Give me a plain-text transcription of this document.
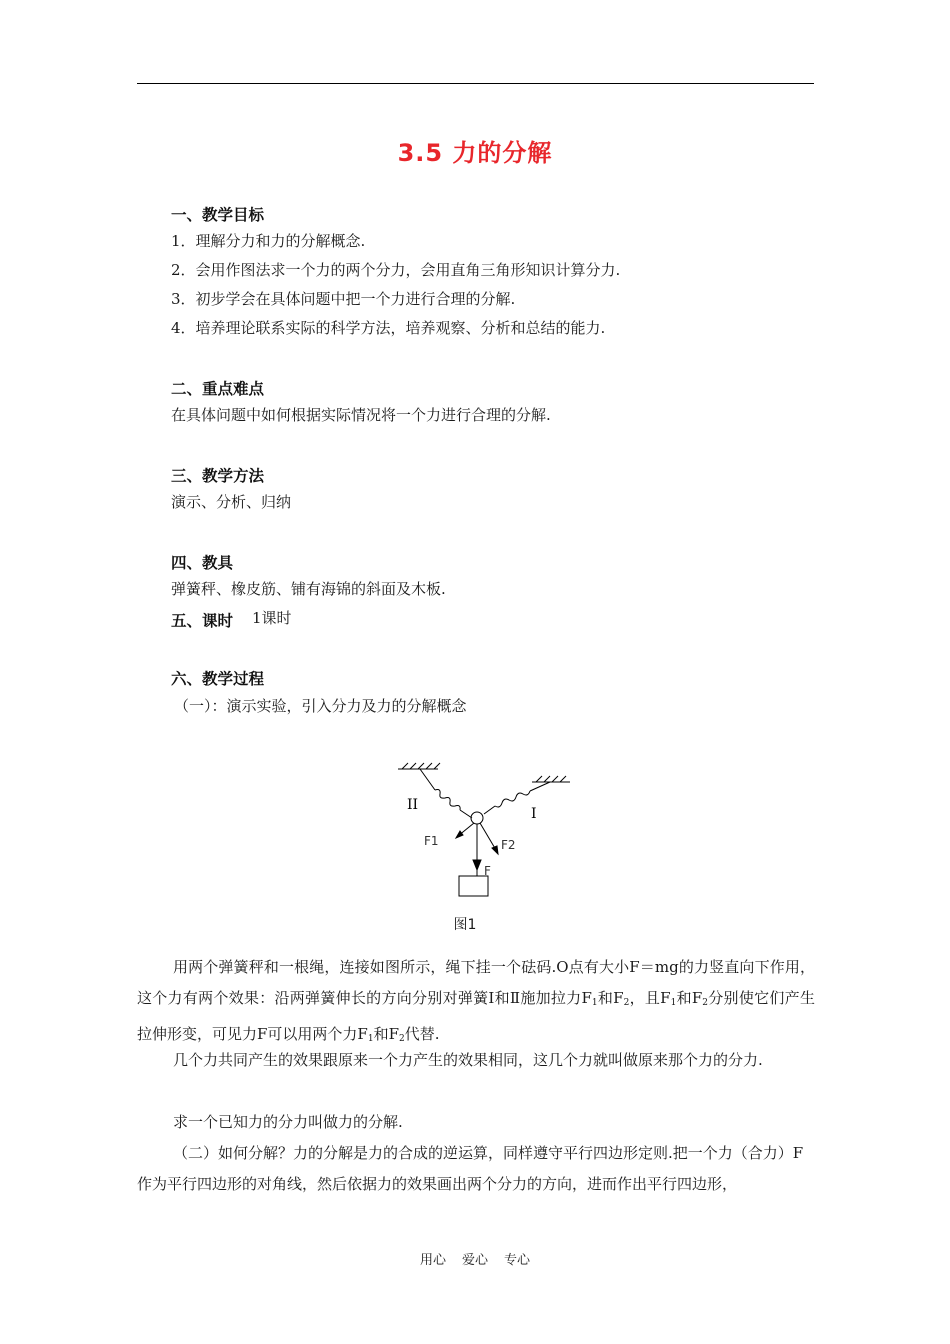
3.5 力的分解
一、教学目标
1．理解分力和力的分解概念.
2．会用作图法求一个力的两个分力，会用直角三角形知识计算分力.
3．初步学会在具体问题中把一个力进行合理的分解.
4．培养理论联系实际的科学方法，培养观察、分析和总结的能力.
二、重点难点
在具体问题中如何根据实际情况将一个力进行合理的分解.
三、教学方法
演示、分析、归纳
四、教具
弹簧秤、橡皮筋、铺有海锦的斜面及木板.
五、课时 1课时
六、教学过程
（一）：演示实验，引入分力及力的分解概念
II
I
F1	F2
F
图1
用两个弹簧秤和一根绳，连接如图所示，绳下挂一个砝码.O点有大小F＝mg的力竖直向下作用，这个力有两个效果：沿两弹簧伸长的方向分别对弹簧Ⅰ和Ⅱ施加拉力$F_1$和$F_2$，且$F_1$和$F_2$分别使它们产生拉伸形变，可见力F可以用两个力$F_1$和$F_2$代替.
几个力共同产生的效果跟原来一个力产生的效果相同，这几个力就叫做原来那个力的分力.
求一个已知力的分力叫做力的分解.
（二）如何分解？力的分解是力的合成的逆运算，同样遵守平行四边形定则.把一个力（合力）F作为平行四边形的对角线，然后依据力的效果画出两个分力的方向，进而作出平行四边形，
用心 爱心 专心
